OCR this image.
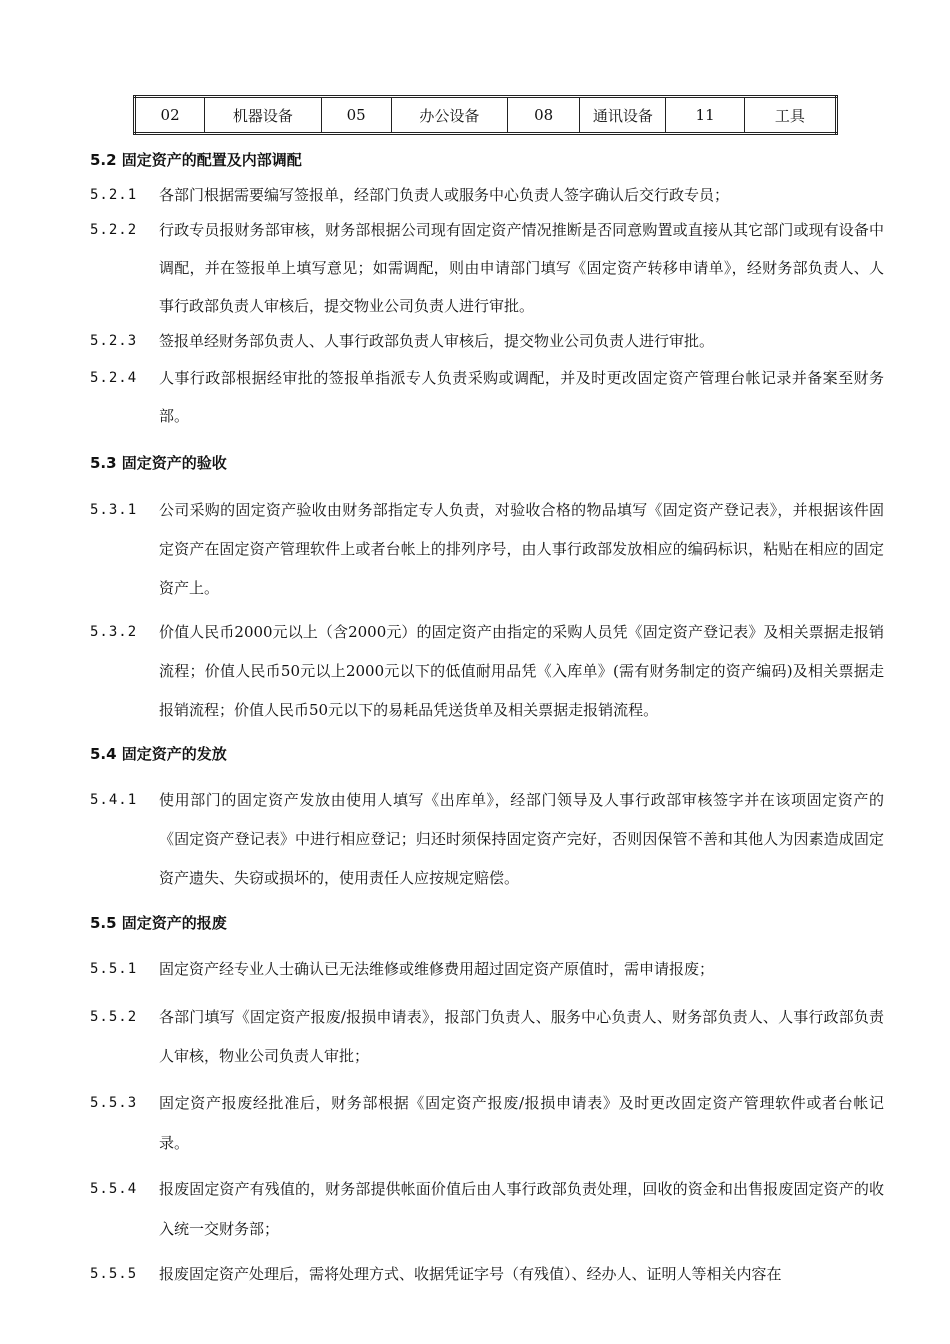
02	机器设备	05	办公设备	08	通讯设备	11	工具
5.2 固定资产的配置及内部调配
5.2.1 各部门根据需要编写签报单，经部门负责人或服务中心负责人签字确认后交行政专员；
5.2.2 行政专员报财务部审核，财务部根据公司现有固定资产情况推断是否同意购置或直接从其它部门或现有设备中调配，并在签报单上填写意见；如需调配，则由申请部门填写《固定资产转移申请单》，经财务部负责人、人事行政部负责人审核后，提交物业公司负责人进行审批。
5.2.3 签报单经财务部负责人、人事行政部负责人审核后，提交物业公司负责人进行审批。
5.2.4 人事行政部根据经审批的签报单指派专人负责采购或调配，并及时更改固定资产管理台帐记录并备案至财务部。
5.3 固定资产的验收
5.3.1 公司采购的固定资产验收由财务部指定专人负责，对验收合格的物品填写《固定资产登记表》，并根据该件固定资产在固定资产管理软件上或者台帐上的排列序号，由人事行政部发放相应的编码标识，粘贴在相应的固定资产上。
5.3.2 价值人民币2000元以上（含2000元）的固定资产由指定的采购人员凭《固定资产登记表》及相关票据走报销流程；价值人民币50元以上2000元以下的低值耐用品凭《入库单》(需有财务制定的资产编码)及相关票据走报销流程；价值人民币50元以下的易耗品凭送货单及相关票据走报销流程。
5.4 固定资产的发放
5.4.1 使用部门的固定资产发放由使用人填写《出库单》，经部门领导及人事行政部审核签字并在该项固定资产的《固定资产登记表》中进行相应登记；归还时须保持固定资产完好，否则因保管不善和其他人为因素造成固定资产遗失、失窃或损坏的，使用责任人应按规定赔偿。
5.5 固定资产的报废
5.5.1 固定资产经专业人士确认已无法维修或维修费用超过固定资产原值时，需申请报废；
5.5.2 各部门填写《固定资产报废/报损申请表》，报部门负责人、服务中心负责人、财务部负责人、人事行政部负责人审核，物业公司负责人审批；
5.5.3 固定资产报废经批准后，财务部根据《固定资产报废/报损申请表》及时更改固定资产管理软件或者台帐记录。
5.5.4 报废固定资产有残值的，财务部提供帐面价值后由人事行政部负责处理，回收的资金和出售报废固定资产的收入统一交财务部；
5.5.5 报废固定资产处理后，需将处理方式、收据凭证字号（有残值）、经办人、证明人等相关内容在
